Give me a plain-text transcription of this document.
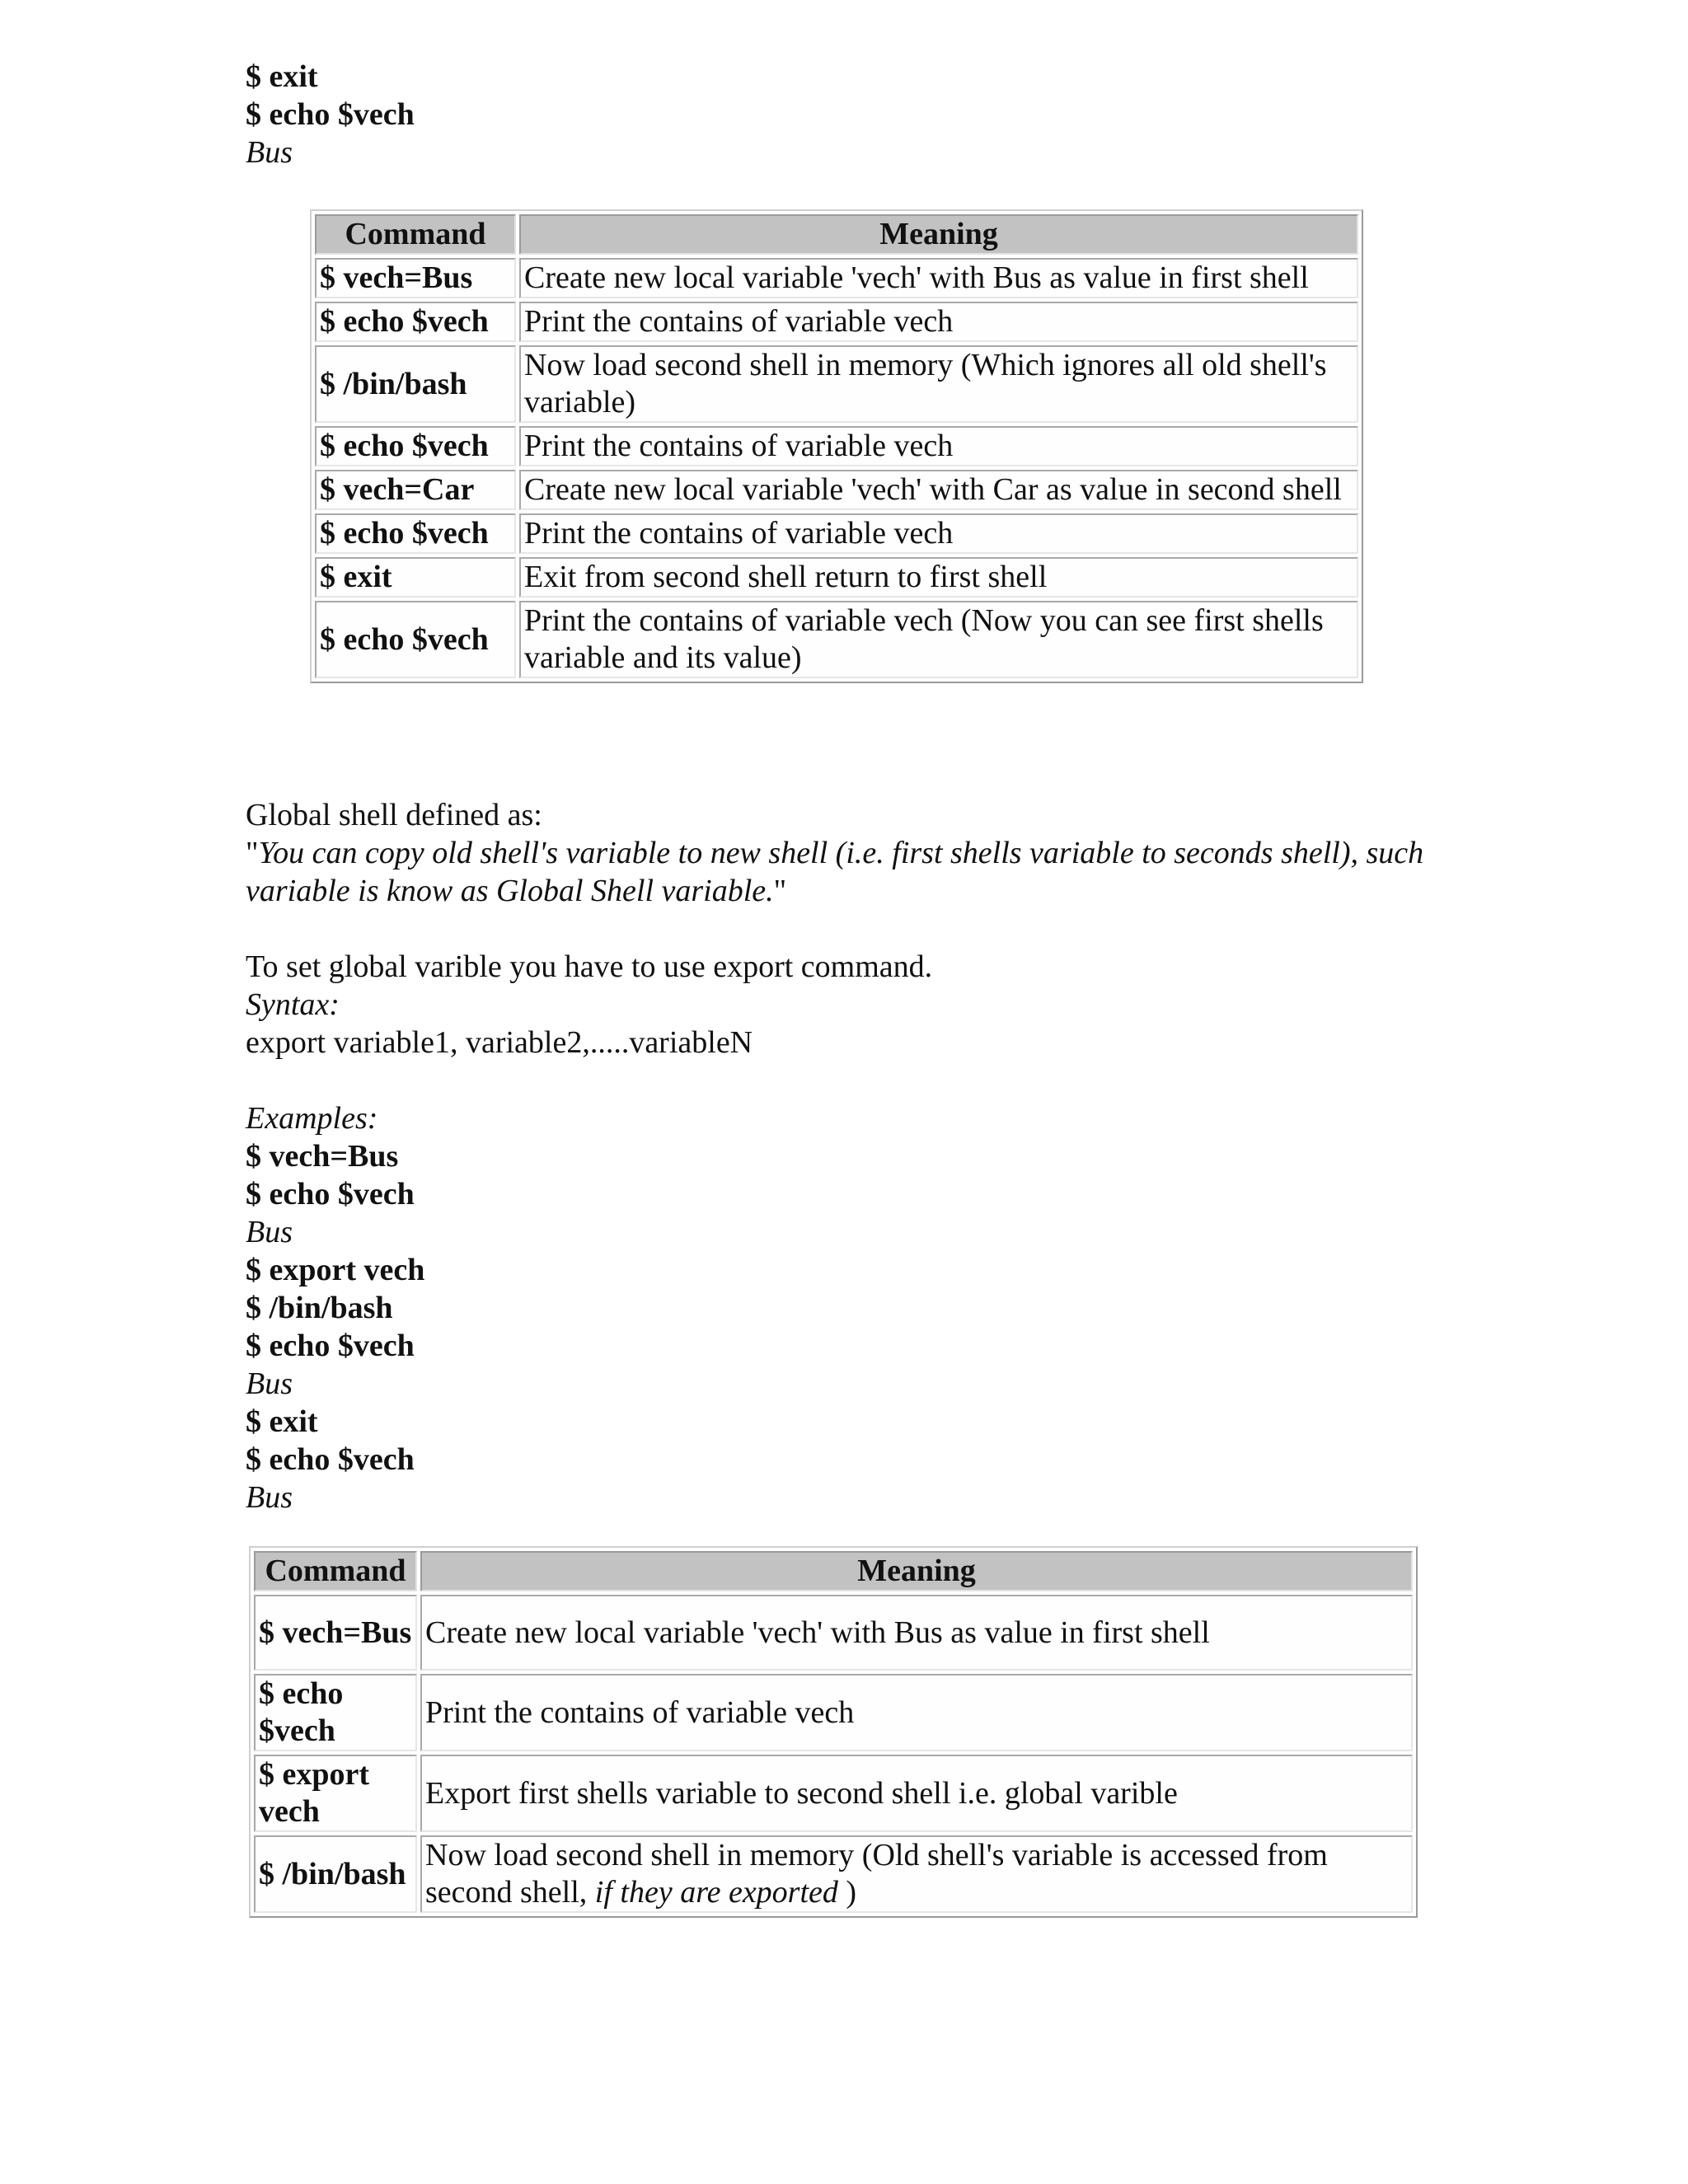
$ exit
$ echo $vech
Bus
Command	Meaning
$ vech=Bus	Create new local variable 'vech' with Bus as value in first shell
$ echo $vech	Print the contains of variable vech
$ /bin/bash	Now load second shell in memory (Which ignores all old shell's variable)
$ echo $vech	Print the contains of variable vech
$ vech=Car	Create new local variable 'vech' with Car as value in second shell
$ echo $vech	Print the contains of variable vech
$ exit	Exit from second shell return to first shell
$ echo $vech	Print the contains of variable vech (Now you can see first shells variable and its value)
Global shell defined as:
"You can copy old shell's variable to new shell (i.e. first shells variable to seconds shell), such variable is know as Global Shell variable."
To set global varible you have to use export command.
Syntax:
export variable1, variable2,.....variableN
Examples:
$ vech=Bus
$ echo $vech
Bus
$ export vech
$ /bin/bash
$ echo $vech
Bus
$ exit
$ echo $vech
Bus
Command	Meaning
$ vech=Bus	Create new local variable 'vech' with Bus as value in first shell
$ echo $vech	Print the contains of variable vech
$ export vech	Export first shells variable to second shell i.e. global varible
$ /bin/bash	Now load second shell in memory (Old shell's variable is accessed from second shell, if they are exported )
